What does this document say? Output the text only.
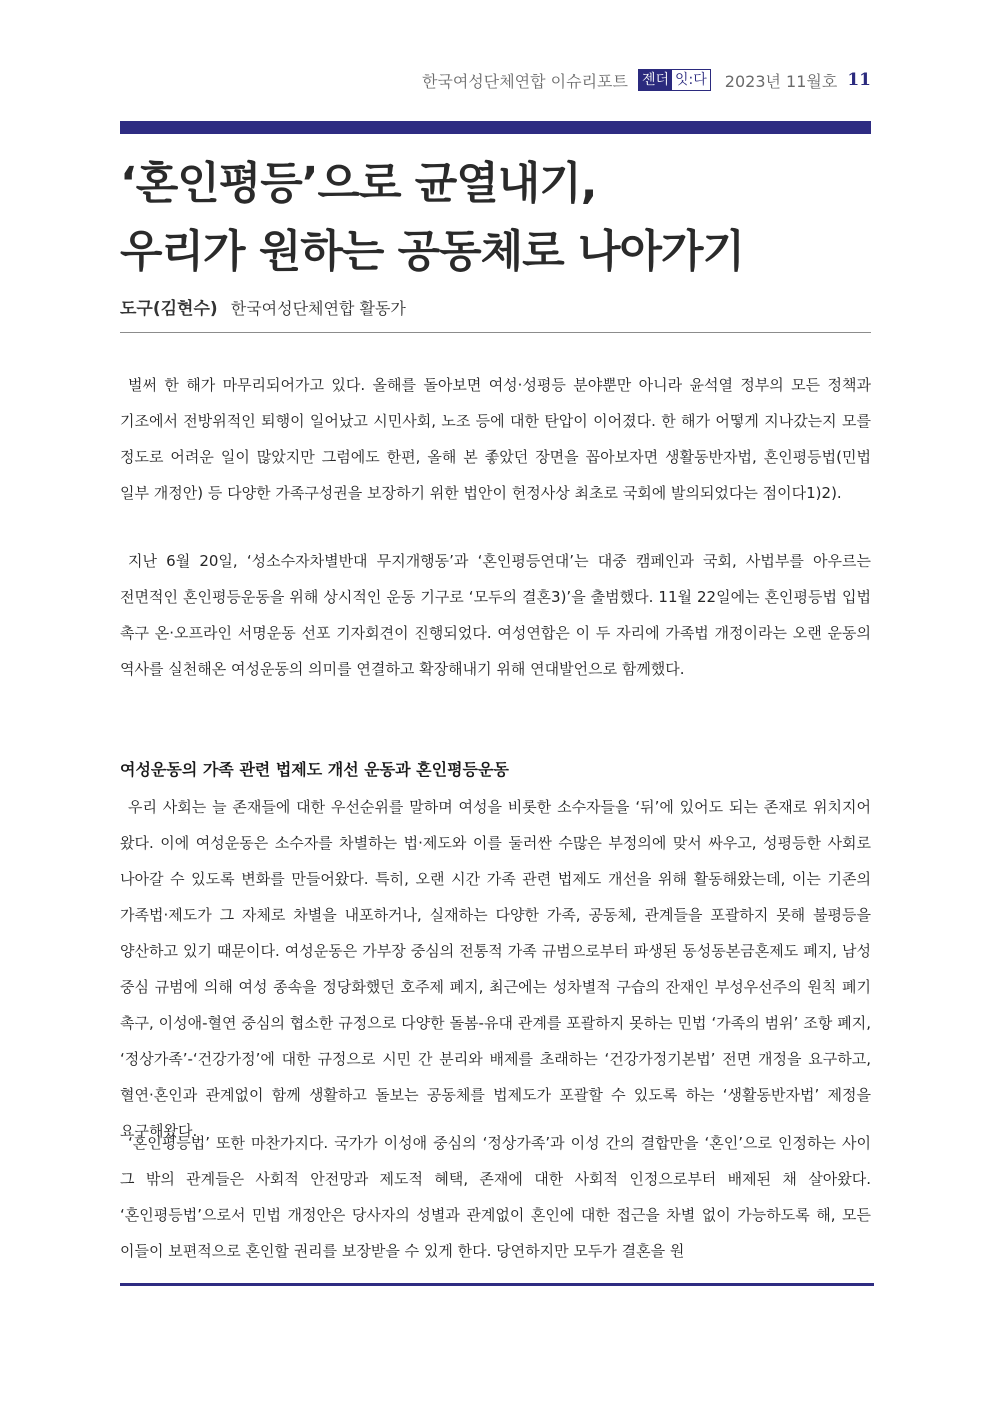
한국여성단체연합 이슈리포트 젠더 잇:다 2023년 11월호 11
‘혼인평등’으로 균열내기,
우리가 원하는 공동체로 나아가기
도구(김현수) 한국여성단체연합 활동가

벌써 한 해가 마무리되어가고 있다. 올해를 돌아보면 여성·성평등 분야뿐만 아니라 윤석열 정부의 모든 정책과 기조에서 전방위적인 퇴행이 일어났고 시민사회, 노조 등에 대한 탄압이 이어졌다. 한 해가 어떻게 지나갔는지 모를 정도로 어려운 일이 많았지만 그럼에도 한편, 올해 본 좋았던 장면을 꼽아보자면 생활동반자법, 혼인평등법(민법 일부 개정안) 등 다양한 가족구성권을 보장하기 위한 법안이 헌정사상 최초로 국회에 발의되었다는 점이다1)2).

지난 6월 20일, ‘성소수자차별반대 무지개행동’과 ‘혼인평등연대’는 대중 캠페인과 국회, 사법부를 아우르는 전면적인 혼인평등운동을 위해 상시적인 운동 기구로 ‘모두의 결혼3)’을 출범했다. 11월 22일에는 혼인평등법 입법 촉구 온·오프라인 서명운동 선포 기자회견이 진행되었다. 여성연합은 이 두 자리에 가족법 개정이라는 오랜 운동의 역사를 실천해온 여성운동의 의미를 연결하고 확장해내기 위해 연대발언으로 함께했다.

여성운동의 가족 관련 법제도 개선 운동과 혼인평등운동

우리 사회는 늘 존재들에 대한 우선순위를 말하며 여성을 비롯한 소수자들을 ‘뒤’에 있어도 되는 존재로 위치지어 왔다. 이에 여성운동은 소수자를 차별하는 법·제도와 이를 둘러싼 수많은 부정의에 맞서 싸우고, 성평등한 사회로 나아갈 수 있도록 변화를 만들어왔다. 특히, 오랜 시간 가족 관련 법제도 개선을 위해 활동해왔는데, 이는 기존의 가족법·제도가 그 자체로 차별을 내포하거나, 실재하는 다양한 가족, 공동체, 관계들을 포괄하지 못해 불평등을 양산하고 있기 때문이다. 여성운동은 가부장 중심의 전통적 가족 규범으로부터 파생된 동성동본금혼제도 폐지, 남성 중심 규범에 의해 여성 종속을 정당화했던 호주제 폐지, 최근에는 성차별적 구습의 잔재인 부성우선주의 원칙 폐기 촉구, 이성애-혈연 중심의 협소한 규정으로 다양한 돌봄-유대 관계를 포괄하지 못하는 민법 ‘가족의 범위’ 조항 폐지, ‘정상가족’-‘건강가정’에 대한 규정으로 시민 간 분리와 배제를 초래하는 ‘건강가정기본법’ 전면 개정을 요구하고, 혈연·혼인과 관계없이 함께 생활하고 돌보는 공동체를 법제도가 포괄할 수 있도록 하는 ‘생활동반자법’ 제정을 요구해왔다.

‘혼인평등법’ 또한 마찬가지다. 국가가 이성애 중심의 ‘정상가족’과 이성 간의 결합만을 ‘혼인’으로 인정하는 사이 그 밖의 관계들은 사회적 안전망과 제도적 혜택, 존재에 대한 사회적 인정으로부터 배제된 채 살아왔다. ‘혼인평등법’으로서 민법 개정안은 당사자의 성별과 관계없이 혼인에 대한 접근을 차별 없이 가능하도록 해, 모든 이들이 보편적으로 혼인할 권리를 보장받을 수 있게 한다. 당연하지만 모두가 결혼을 원
